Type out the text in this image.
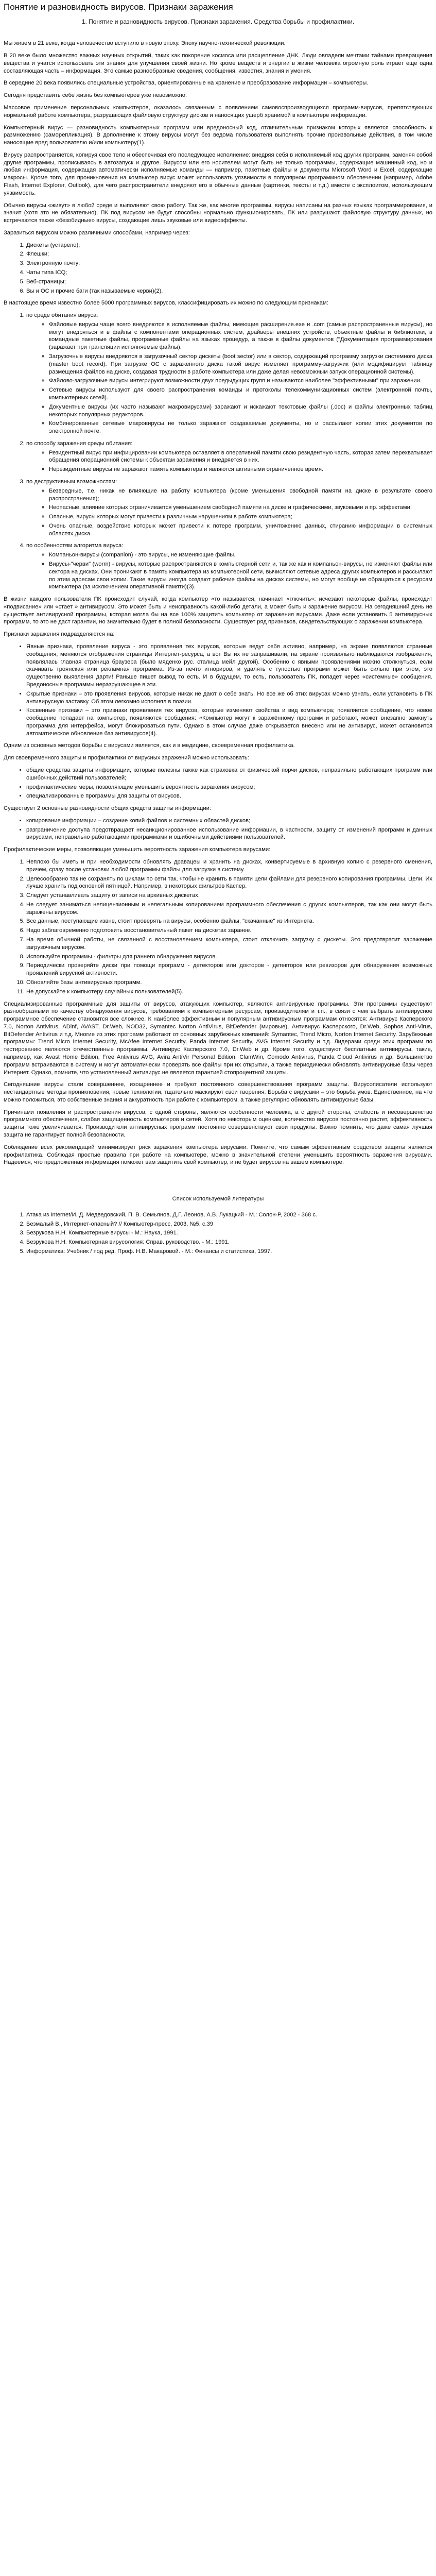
Понятие и разновидность вирусов. Признаки заражения
1. Понятие и разновидность вирусов. Признаки заражения. Средства борьбы и профилактики.

Мы живем в 21 веке, когда человечество вступило в новую эпоху. Эпоху научно-технической революции.

В 20 веке было множество важных научных открытий, таких как покорение космоса или расщепление ДНК. Люди овладели мечтами тайнами превращения вещества и учатся использовать эти знания для улучшения своей жизни. Но кроме веществ и энергии в жизни человека огромную роль играет еще одна составляющая часть – информация. Это самые разнообразные сведения, сообщения, известия, знания и умения.

В середине 20 века появились специальные устройства, ориентированные на хранение и преобразование информации – компьютеры.

Сегодня представить себе жизнь без компьютеров уже невозможно.

Массовое применение персональных компьютеров, оказалось связанным с появлением самовоспроизводящихся программ-вирусов, препятствующих нормальной работе компьютера, разрушающих файловую структуру дисков и наносящих ущерб хранимой в компьютере информации.

Компьютерный вирус — разновидность компьютерных программ или вредоносный код, отличительным признаком которых является способность к размножению (саморепликация). В дополнение к этому вирусы могут без ведома пользователя выполнять прочие произвольные действия, в том числе наносящие вред пользователю и/или компьютеру(1).

Вирусу распространяется, копируя свое тело и обеспечивая его последующее исполнение: внедряя себя в исполняемый код других программ, заменяя собой другие программы, прописываясь в автозапуск и другое. Вирусом или его носителем могут быть не только программы, содержащие машинный код, но и любая информация, содержащая автоматически исполняемые команды — например, пакетные файлы и документы Microsoft Word и Excel, содержащие макросы. Кроме того, для проникновения на компьютер вирус может использовать уязвимости в популярном программном обеспечении (например, Adobe Flash, Internet Explorer, Outlook), для чего распространители внедряют его в обычные данные (картинки, тексты и т.д.) вместе с эксплоитом, использующим уязвимость.

Обычно вирусы «живут» в любой среде и выполняют свою работу. Так же, как многие программы, вирусы написаны на разных языках программирования, и значит (хотя это не обязательно), ПК под вирусом не будут способны нормально функционировать, ПК или разрушают файловую структуру данных, но встречаются также «безобидные» вирусы, создающие лишь звуковые или видеоэффекты.

Заразиться вирусом можно различными способами, например через:

1. Дискеты (устарело);
2. Флешки;
3. Электронную почту;
4. Чаты типа ICQ;
5. Веб-страницы;
6. Вы и ОС и прочие баги (так называемые черви)(2).

В настоящее время известно более 5000 программных вирусов, классифицировать их можно по следующим признакам:

1. по среде обитания вируса:
◦ Файловые вирусы чаще всего внедряются в исполняемые файлы, имеющие расширение.exe и .com (самые распространенные вирусы), но могут внедряться и в файлы с компонентами операционных систем, драйверы внешних устройств, объектные файлы и библиотеки, в командные пакетные файлы, программные файлы на языках процедур, а также в файлы документов ("Документация программирования (заражает при трансляции исполняемые файлы).
◦ Загрузочные вирусы внедряются в загрузочный сектор дискеты (boot sector) или в сектор, содержащий программу загрузки системного диска (master boot record). При загрузке ОС с зараженного диска такой вирус изменяет программу-загрузчик (или модифицирует таблицу размещения файлов на диске, создавая трудности в работе компьютера или даже делая невозможным запуск операционной системы).
◦ Файлово-загрузочные вирусы интегрируют возможности двух предыдущих групп и называются наиболее "эффективными" при заражении.
◦ Сетевые вирусы используют для своего распространения команды и протоколы телекоммуникационных систем (электронной почты, компьютерных сетей).
◦ Документные вирусы (их часто называют макровирусами) заражают и искажают текстовые файлы (.doc) и файлы электронных таблиц некоторых популярных редакторов.
◦ Комбинированные сетевые макровирусы не только заражают создаваемые документы, но и рассылают копии этих документов по электронной почте.
2. по способу заражения среды обитания:
◦ Резидентный вирус при инфицировании компьютера оставляет в оперативной памяти свою резидентную часть, которая затем перехватывает обращения операционной системы к объектам заражения и внедряется в них.
◦ Нерезидентные вирусы не заражают память компьютера и являются активными ограниченное время.
3. по деструктивным возможностям:
◦ Безвредные, т.е. никак не влияющие на работу компьютера (кроме уменьшения свободной памяти на диске в результате своего распространения);
◦ Неопасные, влияние которых ограничивается уменьшением свободной памяти на диске и графическими, звуковыми и пр. эффектами;
◦ Опасные, вирусы которых могут привести к различным нарушениям в работе компьютера;
◦ Очень опасные, воздействие которых может привести к потере программ, уничтожению данных, стиранию информации в системных областях диска.
4. по особенностям алгоритма вируса:
◦ Компаньон-вирусы (companion) - это вирусы, не изменяющие файлы.
◦ Вирусы-"черви" (worm) - вирусы, которые распространяются в компьютерной сети и, так же как и компаньон-вирусы, не изменяют файлы или сектора на дисках. Они проникают в память компьютера из компьютерной сети, вычисляют сетевые адреса других компьютеров и рассылают по этим адресам свои копии. Такие вирусы иногда создают рабочие файлы на дисках системы, но могут вообще не обращаться к ресурсам компьютера (за исключением оперативной памяти)(3).

В жизни каждого пользователя ПК происходит случай, когда компьютер «то называется, начинает «глючить»: исчезают некоторые файлы, происходит «подвисание» или «стает » антивирусом. Это может быть и неисправность какой-либо детали, а может быть и заражение вирусом. На сегодняшний день не существует антивирусной программы, которая могла бы на все 100% защитить компьютер от заражения вирусами. Даже если установить 5 антивирусных программ, то это не даст гарантии, но значительно будет в полной безопасности. Существует ряд признаков, свидетельствующих о заражении компьютера.

Признаки заражения подразделяются на:

• Явные признаки, проявление вируса - это проявления тех вирусов, которые ведут себя активно, например, на экране появляются странные сообщения, меняются отображения страницы Интернет-ресурса, а вот Вы их не запрашивали, на экране произвольно наблюдаются изображения, появлялась главная страница браузера (было мяденко рус. сталица мейл другой). Особенно с явными проявлениями можно столкнуться, если скачивать троянская или рекламная программа. Из-за нечто игнориров, и удалять с тупостью программ может быть сильно при этом, это существенно выявления дарти! Раньше пишет вывод то есть. И в будущем, то есть, пользователь ПК, попадёт через «системные» сообщения. Вредоносные программы неразрушающее в эти.
• Скрытые признаки – это проявления вирусов, которые никак не дают о себе знать. Но все же об этих вирусах можно узнать, если установить в ПК антивирусную заставку. Об этом легкомно исполнял в поэзии.
• Косвенные признаки – это признаки проявления тех вирусов, которые изменяют свойства и вид компьютера; появляется сообщение, что новое сообщение попадает на компьютер, появляются сообщения: «Компьютер могут к заражённому программ и работают, может внезапно замкнуть программа для интерфейса, могут блокироваться пути. Однако в этом случае даже открывается внесено или не антивирус, может остановится автоматическое обновление баз антивирусов(4).

Одним из основных методов борьбы с вирусами является, как и в медицине, своевременная профилактика.

Для своевременного защиты и профилактики от вирусных заражений можно использовать:

• общие средства защиты информации, которые полезны также как страховка от физической порчи дисков, неправильно работающих программ или ошибочных действий пользователей;
• профилактические меры, позволяющие уменьшить вероятность заражения вирусом;
• специализированные программы для защиты от вирусов.

Существует 2 основные разновидности общих средств защиты информации:

• копирование информации – создание копий файлов и системных областей дисков;
• разграничение доступа предотвращает несанкционированное использование информации, в частности, защиту от изменений программ и данных вирусами, неправильно работающими программами и ошибочными действиями пользователей.

Профилактические меры, позволяющие уменьшить вероятность заражения компьютера вирусами:

1. Неплохо бы иметь и при необходимости обновлять дравацеы и хранить на дисках, конвертируемые в архивную копию с резервного сменения, причем, сразу после установки любой программы файлы для загрузки в систему.
2. Целесообразно так не сохранять по циклам по сети так, чтобы не хранить в памяти цели файлами для резервного копирования программы. Цели. Их лучше хранить под основной пятницей. Например, в некоторых фильтров Каспер.
3. Следует устанавливать защиту от записи на архивных дискетах.
4. Не следует заниматься нелицензионным и нелегальным копированием программного обеспечения с других компьютеров, так как они могут быть заражены вирусом.
5. Все данные, поступающие извне, стоит проверять на вирусы, особенно файлы, "скачанные" из Интернета.
6. Надо заблаговременно подготовить восстановительный пакет на дискетах заранее.
7. На время обычной работы, не связанной с восстановлением компьютера, стоит отключить загрузку с дискеты. Это предотвратит заражение загрузочным вирусом.
8. Используйте программы - фильтры для раннего обнаружения вирусов.
9. Периодически проверяйте диски при помощи программ - детекторов или докторов - детекторов или ревизоров для обнаружения возможных проявлений вирусной активности.
10. Обновляйте базы антивирусных программ.
11. Не допускайте к компьютеру случайных пользователей(5).

Специализированные программные для защиты от вирусов, атакующих компьютер, являются антивирусные программы. Эти программы существуют разнообразными по качеству обнаружения вирусов, требованиям к компьютерным ресурсам, производителям и т.п., в связи с чем выбрать антивирусное программное обеспечение становится все сложнее. К наиболее эффективным и популярным антивирусным программам относятся: Антивирус Касперского 7.0, Norton Antivirus, ADinf, AVAST, Dr.Web, NOD32, Symantec Norton AntiVirus, BitDefender (мировые), Антивирус Касперского, Dr.Web, Sophos Anti-Virus, BitDefender Antivirus и т.д. Многие из этих программ работают от основных зарубежных компаний: Symantec, Trend Micro, Norton Internet Security. Зарубежные программы: Trend Micro Internet Security, McAfee Internet Security, Panda Internet Security, AVG Internet Security и т.д. Лидерами среди этих программ по тестированию являются отечественные программы. Антивирус Касперского 7.0, Dr.Web и др. Кроме того, существуют бесплатные антивирусы, такие, например, как Avast Home Edition, Free Antivirus AVG, Avira AntiVir Personal Edition, ClamWin, Comodo Antivirus, Panda Cloud Antivirus и др. Большинство программ встраиваются в систему и могут автоматически проверять все файлы при их открытии, а также периодически обновлять антивирусные базы через Интернет. Однако, помните, что установленный антивирус не является гарантией стопроцентной защиты.

Сегодняшние вирусы стали совершеннее, изощреннее и требуют постоянного совершенствования программ защиты. Вирусописатели используют нестандартные методы проникновения, новые технологии, тщательно маскируют свои творения. Борьба с вирусами – это борьба умов. Единственное, на что можно положиться, это собственные знания и аккуратность при работе с компьютером, а также регулярно обновлять антивирусные базы.

Причинами появления и распространения вирусов, с одной стороны, являются особенности человека, а с другой стороны, слабость и несовершенство программного обеспечения, слабая защищенность компьютеров и сетей. Хотя по некоторым оценкам, количество вирусов постоянно растет, эффективность защиты тоже увеличивается. Производители антивирусных программ постоянно совершенствуют свои продукты. Важно помнить, что даже самая лучшая защита не гарантирует полной безопасности.

Соблюдение всех рекомендаций минимизирует риск заражения компьютера вирусами. Помните, что самым эффективным средством защиты является профилактика. Соблюдая простые правила при работе на компьютере, можно в значительной степени уменьшить вероятность заражения вирусами. Надеемся, что предложенная информация поможет вам защитить свой компьютер, и не будет вирусов на вашем компьютере.

Список используемой литературы

1. Атака из Internet/И. Д. Медведовский, П. В. Семьянов, Д.Г. Леонов, А.В. Лукацкий - М.: Солон-Р, 2002 - 368 с.
2. Безмалый В., Интернет-опасный? // Компьютер-пресс, 2003, №5, с.39
3. Безрукова Н.Н. Компьютерные вирусы - М.: Наука, 1991.
4. Безрукова Н.Н. Компьютерная вирусология: Справ. руководство. - М.: 1991.
5. Информатика: Учебник / под ред. Проф. Н.В. Макаровой. - М.: Финансы и статистика, 1997.
